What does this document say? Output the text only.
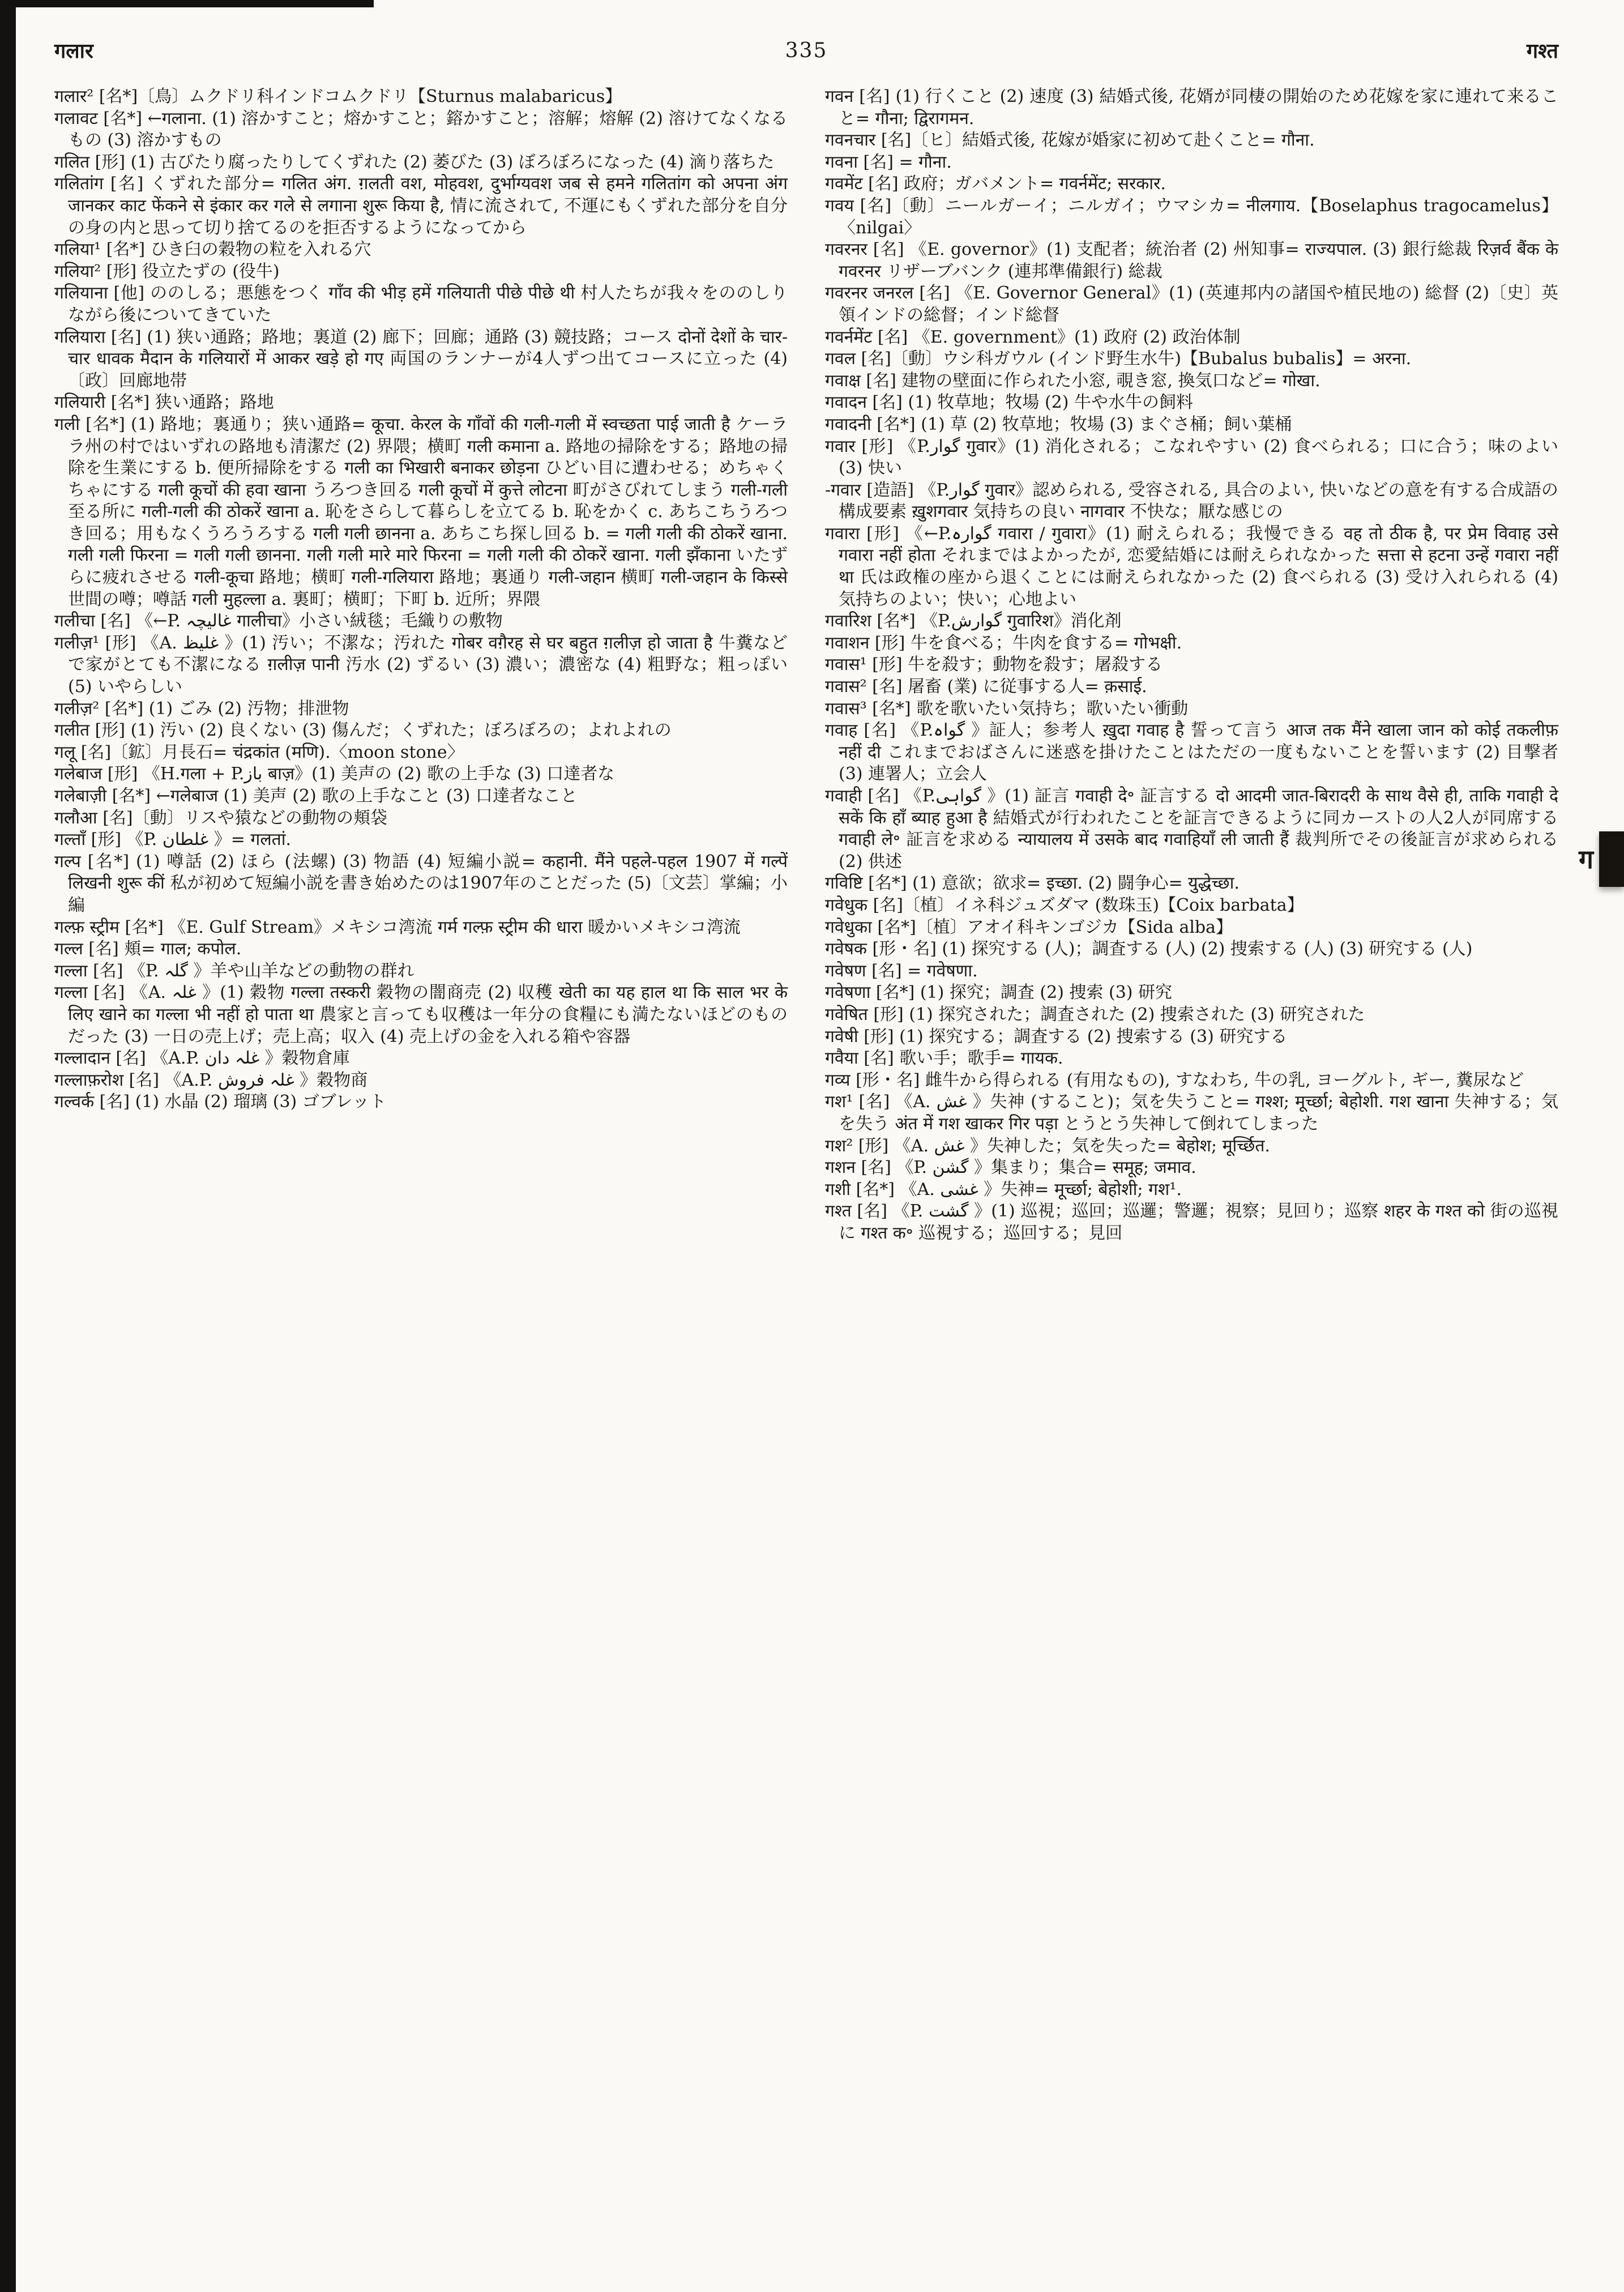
गलार	335	गश्त

गलार² [名*]〔鳥〕ムクドリ科インドコムクドリ【Sturnus malabaricus】

गलावट [名*] ←गलाना. (1) 溶かすこと；熔かすこと；鎔かすこと；溶解；熔解 (2) 溶けてなくなるもの (3) 溶かすもの

गलित [形] (1) 古びたり腐ったりしてくずれた (2) 萎びた (3) ぼろぼろになった (4) 滴り落ちた

गलितांग [名] くずれた部分= गलित अंग. ग़लती वश, मोहवश, दुर्भाग्यवश जब से हमने गलितांग को अपना अंग जानकर काट फेंकने से इंकार कर गले से लगाना शुरू किया है, 情に流されて, 不運にもくずれた部分を自分の身の内と思って切り捨てるのを拒否するようになってから

गलिया¹ [名*] ひき臼の穀物の粒を入れる穴

गलिया² [形] 役立たずの (役牛)

गलियाना [他] ののしる；悪態をつく गाँव की भीड़ हमें गलियाती पीछे पीछे थी 村人たちが我々をののしりながら後についてきていた

गलियारा [名] (1) 狭い通路；路地；裏道 (2) 廊下；回廊；通路 (3) 競技路；コース दोनों देशों के चार-चार धावक मैदान के गलियारों में आकर खड़े हो गए 両国のランナーが4人ずつ出てコースに立った (4)〔政〕回廊地帯

गलियारी [名*] 狭い通路；路地

गली [名*] (1) 路地；裏通り；狭い通路= कूचा. केरल के गाँवों की गली-गली में स्वच्छता पाई जाती है ケーララ州の村ではいずれの路地も清潔だ (2) 界隈；横町 गली कमाना a. 路地の掃除をする；路地の掃除を生業にする b. 便所掃除をする गली का भिखारी बनाकर छोड़ना ひどい目に遭わせる；めちゃくちゃにする गली कूचों की हवा खाना うろつき回る गली कूचों में कुत्ते लोटना 町がさびれてしまう गली-गली 至る所に गली-गली की ठोकरें खाना a. 恥をさらして暮らしを立てる b. 恥をかく c. あちこちうろつき回る；用もなくうろうろする गली गली छानना a. あちこち探し回る b. = गली गली की ठोकरें खाना. गली गली फिरना = गली गली छानना. गली गली मारे मारे फिरना = गली गली की ठोकरें खाना. गली झँकाना いたずらに疲れさせる गली-कूचा 路地；横町 गली-गलियारा 路地；裏通り गली-जहान 横町 गली-जहान के किस्से 世間の噂；噂話 गली मुहल्ला a. 裏町；横町；下町 b. 近所；界隈

गलीचा [名] 《←P. غالیچہ गालीचा》小さい絨毯；毛織りの敷物

गलीज़¹ [形] 《A. غلیظ 》(1) 汚い；不潔な；汚れた गोबर वग़ैरह से घर बहुत ग़लीज़ हो जाता है 牛糞などで家がとても不潔になる ग़लीज़ पानी 汚水 (2) ずるい (3) 濃い；濃密な (4) 粗野な；粗っぽい (5) いやらしい

गलीज़² [名*] (1) ごみ (2) 汚物；排泄物

गलीत [形] (1) 汚い (2) 良くない (3) 傷んだ；くずれた；ぼろぼろの；よれよれの

गलू [名]〔鉱〕月長石= चंद्रकांत (मणि).〈moon stone〉

गलेबाज [形] 《H.गला + P.باز बाज़》(1) 美声の (2) 歌の上手な (3) 口達者な

गलेबाज़ी [名*] ←गलेबाज (1) 美声 (2) 歌の上手なこと (3) 口達者なこと

गलौआ [名]〔動〕リスや猿などの動物の頬袋

गल्ताँ [形] 《P. غلطان 》= गलतां.

गल्प [名*] (1) 噂話 (2) ほら (法螺) (3) 物語 (4) 短編小説= कहानी. मैंने पहले-पहल 1907 में गल्पें लिखनी शुरू कीं 私が初めて短編小説を書き始めたのは1907年のことだった (5)〔文芸〕掌編；小編

गल्फ़ स्ट्रीम [名*] 《E. Gulf Stream》メキシコ湾流 गर्म गल्फ़ स्ट्रीम की धारा 暖かいメキシコ湾流

गल्ल [名] 頬= गाल; कपोल.

गल्ला [名] 《P. گلہ 》羊や山羊などの動物の群れ

गल्ला [名] 《A. غلہ 》(1) 穀物 गल्ला तस्करी 穀物の闇商売 (2) 収穫 खेती का यह हाल था कि साल भर के लिए खाने का गल्ला भी नहीं हो पाता था 農家と言っても収穫は一年分の食糧にも満たないほどのものだった (3) 一日の売上げ；売上高；収入 (4) 売上げの金を入れる箱や容器

गल्लादान [名] 《A.P. غلہ دان 》穀物倉庫

गल्लाफ़रोश [名] 《A.P. غلہ فروش 》穀物商

गल्वर्क [名] (1) 水晶 (2) 瑠璃 (3) ゴブレット

गवन [名] (1) 行くこと (2) 速度 (3) 結婚式後, 花婿が同棲の開始のため花嫁を家に連れて来ること= गौना; द्विरागमन.

गवनचार [名]〔ヒ〕結婚式後, 花嫁が婚家に初めて赴くこと= गौना.

गवना [名] = गौना.

गवमेंट [名] 政府；ガバメント= गवर्नमेंट; सरकार.

गवय [名]〔動〕ニールガーイ；ニルガイ；ウマシカ= नीलगाय.【Boselaphus tragocamelus】〈nilgai〉

गवरनर [名] 《E. governor》(1) 支配者；統治者 (2) 州知事= राज्यपाल. (3) 銀行総裁 रिज़र्व बैंक के गवरनर リザーブバンク (連邦準備銀行) 総裁

गवरनर जनरल [名] 《E. Governor General》(1) (英連邦内の諸国や植民地の) 総督 (2)〔史〕英領インドの総督；インド総督

गवर्नमेंट [名] 《E. government》(1) 政府 (2) 政治体制

गवल [名]〔動〕ウシ科ガウル (インド野生水牛)【Bubalus bubalis】= अरना.

गवाक्ष [名] 建物の壁面に作られた小窓, 覗き窓, 換気口など= गोखा.

गवादन [名] (1) 牧草地；牧場 (2) 牛や水牛の飼料

गवादनी [名*] (1) 草 (2) 牧草地；牧場 (3) まぐさ桶；飼い葉桶

गवार [形] 《P.گوار गुवार》(1) 消化される；こなれやすい (2) 食べられる；口に合う；味のよい (3) 快い

-गवार [造語] 《P.گوار गुवार》認められる, 受容される, 具合のよい, 快いなどの意を有する合成語の構成要素 ख़ुशगवार 気持ちの良い नागवार 不快な；厭な感じの

गवारा [形] 《←P.گوارہ गवारा / गुवारा》(1) 耐えられる；我慢できる वह तो ठीक है, पर प्रेम विवाह उसे गवारा नहीं होता それまではよかったが, 恋愛結婚には耐えられなかった सत्ता से हटना उन्हें गवारा नहीं था 氏は政権の座から退くことには耐えられなかった (2) 食べられる (3) 受け入れられる (4) 気持ちのよい；快い；心地よい

गवारिश [名*] 《P.گوارش गुवारिश》消化剤

गवाशन [形] 牛を食べる；牛肉を食する= गोभक्षी.

गवास¹ [形] 牛を殺す；動物を殺す；屠殺する

गवास² [名] 屠畜 (業) に従事する人= क़साई.

गवास³ [名*] 歌を歌いたい気持ち；歌いたい衝動

गवाह [名] 《P.گواہ 》証人；参考人 ख़ुदा गवाह है 誓って言う आज तक मैंने खाला जान को कोई तकलीफ़ नहीं दी これまでおばさんに迷惑を掛けたことはただの一度もないことを誓います (2) 目撃者 (3) 連署人；立会人

गवाही [名] 《P.گواہی 》(1) 証言 गवाही दे॰ 証言する दो आदमी जात-बिरादरी के साथ वैसे ही, ताकि गवाही दे सकें कि हाँ ब्याह हुआ है 結婚式が行われたことを証言できるように同カーストの人2人が同席する गवाही ले॰ 証言を求める न्यायालय में उसके बाद गवाहियाँ ली जाती हैं 裁判所でその後証言が求められる (2) 供述

गविष्टि [名*] (1) 意欲；欲求= इच्छा. (2) 闘争心= युद्धेच्छा.

गवेधुक [名]〔植〕イネ科ジュズダマ (数珠玉)【Coix barbata】

गवेधुका [名*]〔植〕アオイ科キンゴジカ【Sida alba】

गवेषक [形・名] (1) 探究する (人)；調査する (人) (2) 捜索する (人) (3) 研究する (人)

गवेषण [名] = गवेषणा.

गवेषणा [名*] (1) 探究；調査 (2) 捜索 (3) 研究

गवेषित [形] (1) 探究された；調査された (2) 捜索された (3) 研究された

गवेषी [形] (1) 探究する；調査する (2) 捜索する (3) 研究する

गवैया [名] 歌い手；歌手= गायक.

गव्य [形・名] 雌牛から得られる (有用なもの), すなわち, 牛の乳, ヨーグルト, ギー, 糞尿など

गश¹ [名] 《A. غش 》失神 (すること)；気を失うこと= गश्श; मूर्च्छा; बेहोशी. गश खाना 失神する；気を失う अंत में गश खाकर गिर पड़ा とうとう失神して倒れてしまった

गश² [形] 《A. غش 》失神した；気を失った= बेहोश; मूर्च्छित.

गशन [名] 《P. گشن 》集まり；集合= समूह; जमाव.

गशी [名*] 《A. غشی 》失神= मूर्च्छा; बेहोशी; गश¹.

गश्त [名] 《P. گشت 》(1) 巡視；巡回；巡邏；警邏；視察；見回り；巡察 शहर के गश्त को 街の巡視に गश्त क॰ 巡視する；巡回する；見回

ग
